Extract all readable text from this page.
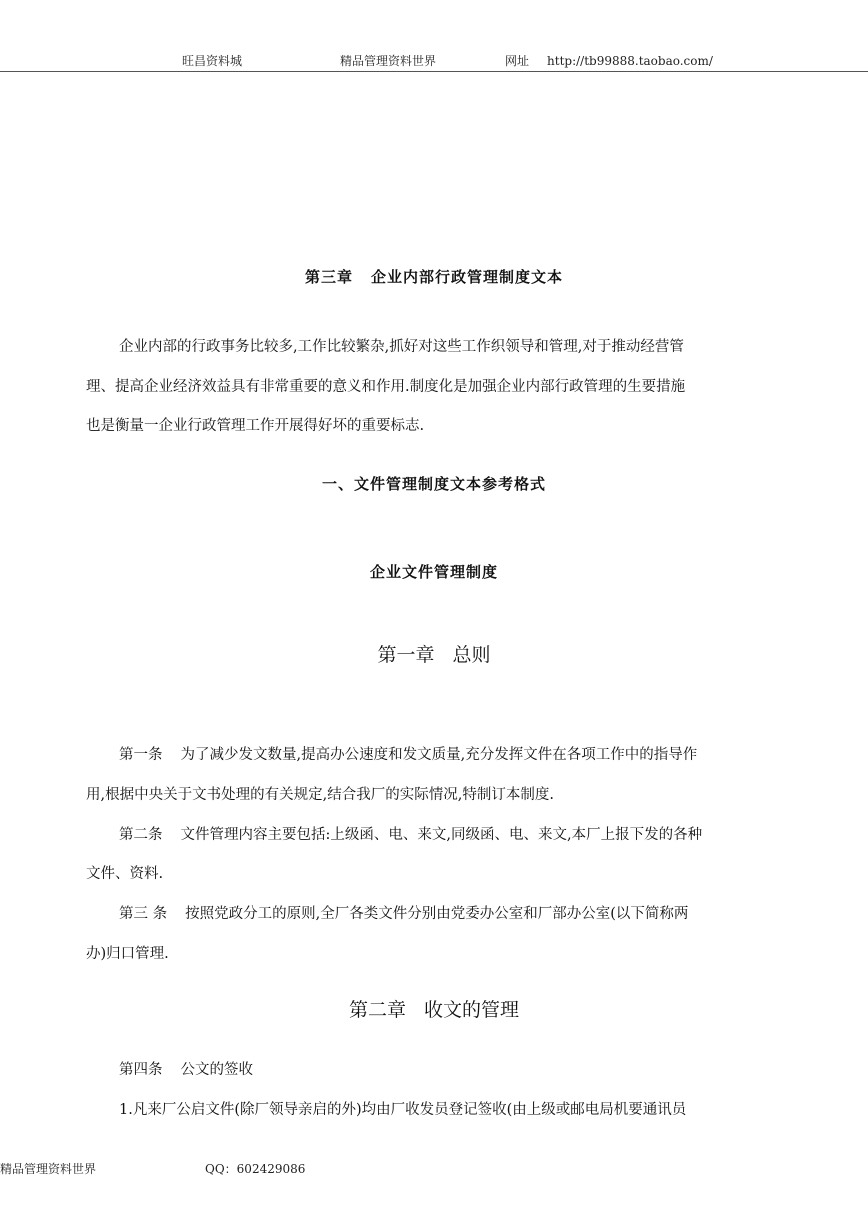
旺昌资料城	精品管理资料世界	网址 http://tb99888.taobao.com/
第三章 企业内部行政管理制度文本
企业内部的行政事务比较多,工作比较繁杂,抓好对这些工作织领导和管理,对于推动经营管
理、提高企业经济效益具有非常重要的意义和作用.制度化是加强企业内部行政管理的生要措施
也是衡量一企业行政管理工作开展得好坏的重要标志.
一、文件管理制度文本参考格式
企业文件管理制度
第一章 总则
第一条 为了减少发文数量,提高办公速度和发文质量,充分发挥文件在各项工作中的指导作
用,根据中央关于文书处理的有关规定,结合我厂的实际情况,特制订本制度.
第二条 文件管理内容主要包括:上级函、电、来文,同级函、电、来文,本厂上报下发的各种
文件、资料.
第三 条 按照党政分工的原则,全厂各类文件分别由党委办公室和厂部办公室(以下简称两
办)归口管理.
第二章 收文的管理
第四条 公文的签收
1.凡来厂公启文件(除厂领导亲启的外)均由厂收发员登记签收(由上级或邮电局机要通讯员
精品管理资料世界	QQ：602429086
